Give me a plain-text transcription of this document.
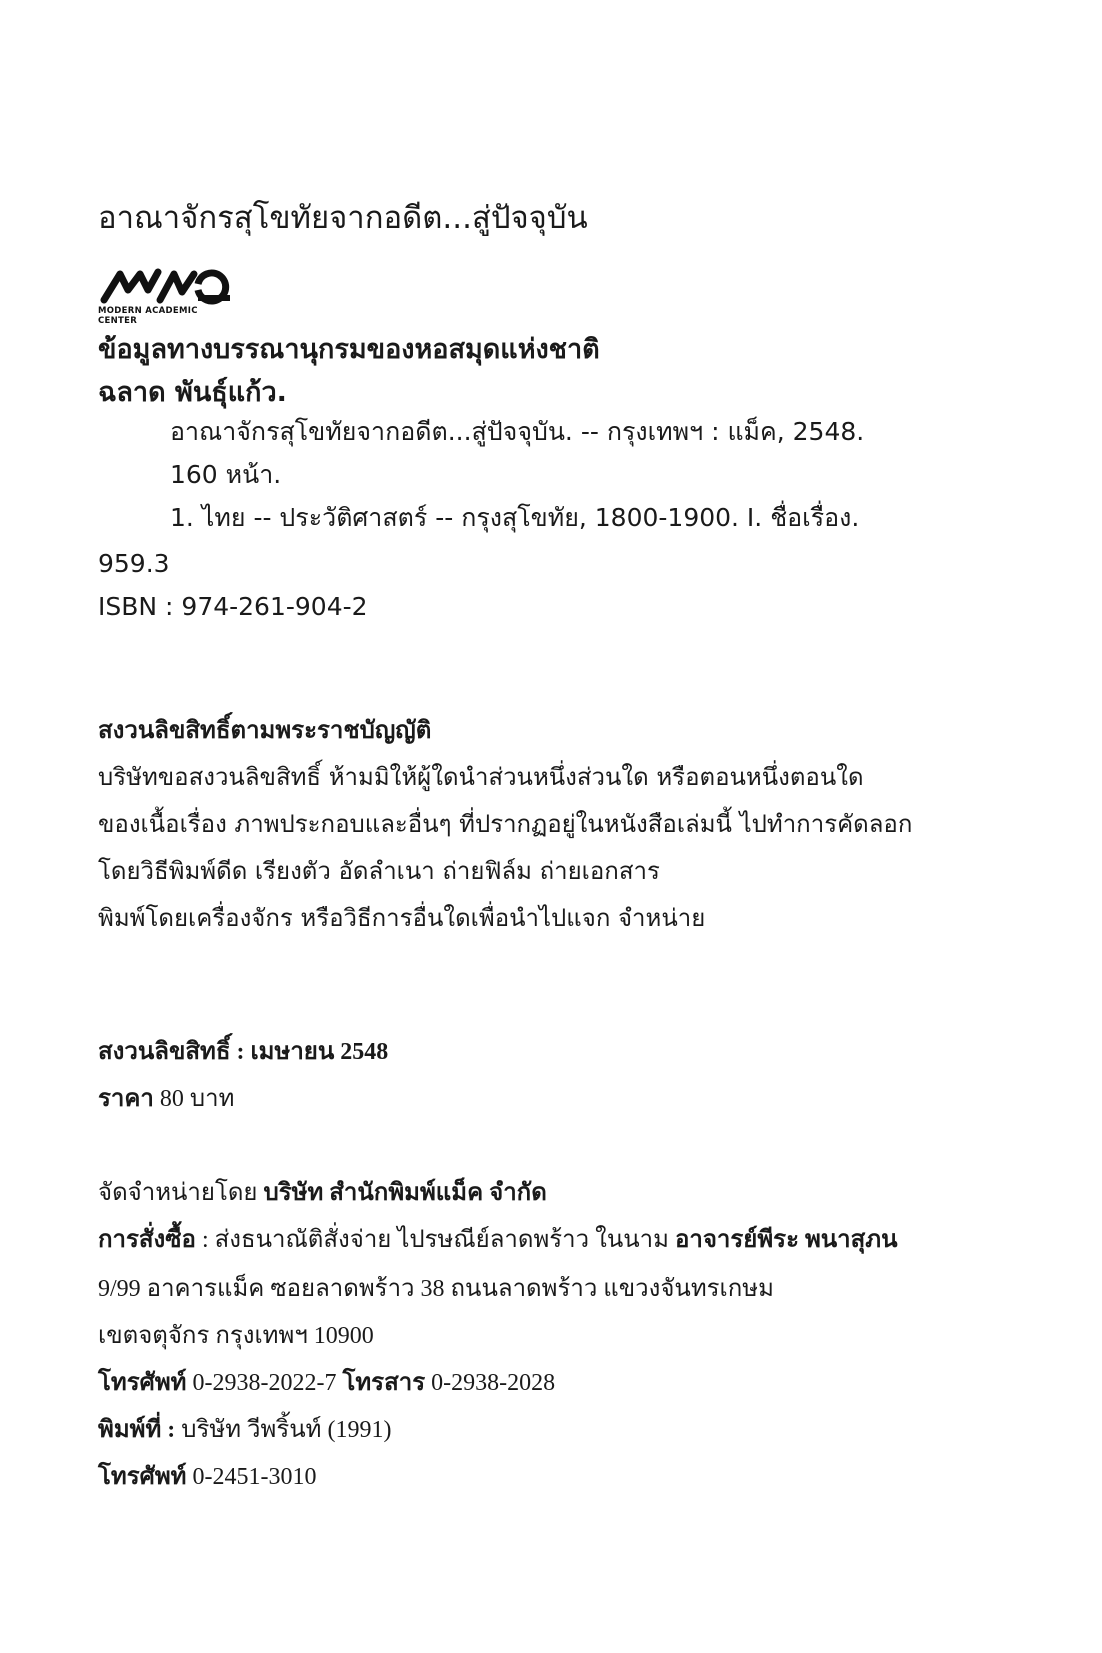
อาณาจักรสุโขทัยจากอดีต...สู่ปัจจุบัน
MODERN ACADEMIC CENTER
ข้อมูลทางบรรณานุกรมของหอสมุดแห่งชาติ
ฉลาด พันธุ์แก้ว.
อาณาจักรสุโขทัยจากอดีต...สู่ปัจจุบัน. -- กรุงเทพฯ : แม็ค, 2548.
160 หน้า.
1. ไทย -- ประวัติศาสตร์ -- กรุงสุโขทัย, 1800-1900. I. ชื่อเรื่อง.
959.3
ISBN : 974-261-904-2
สงวนลิขสิทธิ์ตามพระราชบัญญัติ
บริษัทขอสงวนลิขสิทธิ์ ห้ามมิให้ผู้ใดนำส่วนหนึ่งส่วนใด หรือตอนหนึ่งตอนใด
ของเนื้อเรื่อง ภาพประกอบและอื่นๆ ที่ปรากฏอยู่ในหนังสือเล่มนี้ ไปทำการคัดลอก
โดยวิธีพิมพ์ดีด เรียงตัว อัดลำเนา ถ่ายฟิล์ม ถ่ายเอกสาร
พิมพ์โดยเครื่องจักร หรือวิธีการอื่นใดเพื่อนำไปแจก จำหน่าย
สงวนลิขสิทธิ์ : เมษายน 2548
ราคา 80 บาท
จัดจำหน่ายโดย บริษัท สำนักพิมพ์แม็ค จำกัด
การสั่งซื้อ : ส่งธนาณัติสั่งจ่าย ไปรษณีย์ลาดพร้าว ในนาม อาจารย์พีระ พนาสุภน
9/99 อาคารแม็ค ซอยลาดพร้าว 38 ถนนลาดพร้าว แขวงจันทรเกษม
เขตจตุจักร กรุงเทพฯ 10900
โทรศัพท์ 0-2938-2022-7 โทรสาร 0-2938-2028
พิมพ์ที่ : บริษัท วีพริ้นท์ (1991)
โทรศัพท์ 0-2451-3010
